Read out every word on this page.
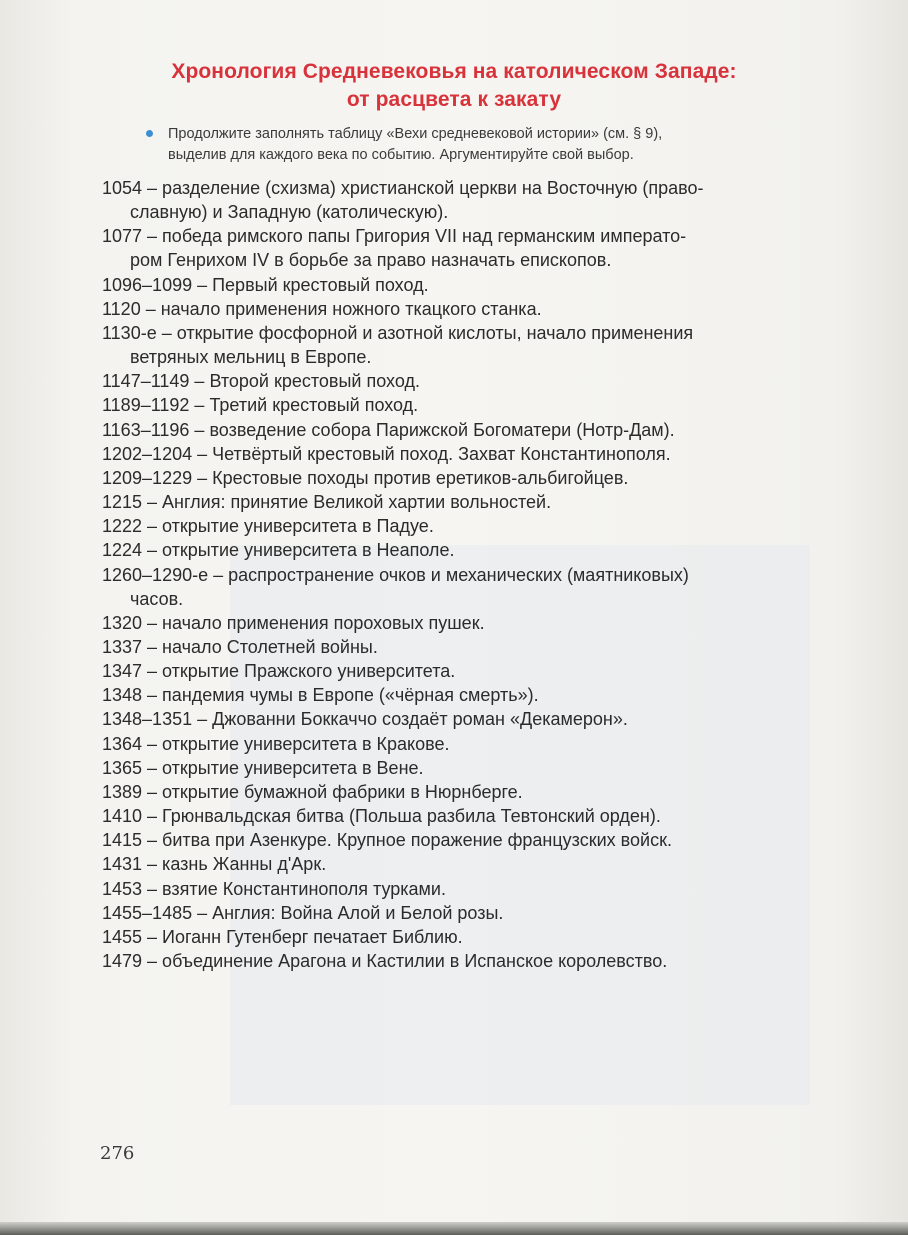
Хронология Средневековья на католическом Западе:
от расцвета к закату
Продолжите заполнять таблицу «Вехи средневековой истории» (см. § 9),
выделив для каждого века по событию. Аргументируйте свой выбор.
1054 – разделение (схизма) христианской церкви на Восточную (право-
славную) и Западную (католическую).
1077 – победа римского папы Григория VII над германским императо-
ром Генрихом IV в борьбе за право назначать епископов.
1096–1099 – Первый крестовый поход.
1120 – начало применения ножного ткацкого станка.
1130-е – открытие фосфорной и азотной кислоты, начало применения
ветряных мельниц в Европе.
1147–1149 – Второй крестовый поход.
1189–1192 – Третий крестовый поход.
1163–1196 – возведение собора Парижской Богоматери (Нотр-Дам).
1202–1204 – Четвёртый крестовый поход. Захват Константинополя.
1209–1229 – Крестовые походы против еретиков-альбигойцев.
1215 – Англия: принятие Великой хартии вольностей.
1222 – открытие университета в Падуе.
1224 – открытие университета в Неаполе.
1260–1290-е – распространение очков и механических (маятниковых)
часов.
1320 – начало применения пороховых пушек.
1337 – начало Столетней войны.
1347 – открытие Пражского университета.
1348 – пандемия чумы в Европе («чёрная смерть»).
1348–1351 – Джованни Боккаччо создаёт роман «Декамерон».
1364 – открытие университета в Кракове.
1365 – открытие университета в Вене.
1389 – открытие бумажной фабрики в Нюрнберге.
1410 – Грюнвальдская битва (Польша разбила Тевтонский орден).
1415 – битва при Азенкуре. Крупное поражение французских войск.
1431 – казнь Жанны д'Арк.
1453 – взятие Константинополя турками.
1455–1485 – Англия: Война Алой и Белой розы.
1455 – Иоганн Гутенберг печатает Библию.
1479 – объединение Арагона и Кастилии в Испанское королевство.
276
